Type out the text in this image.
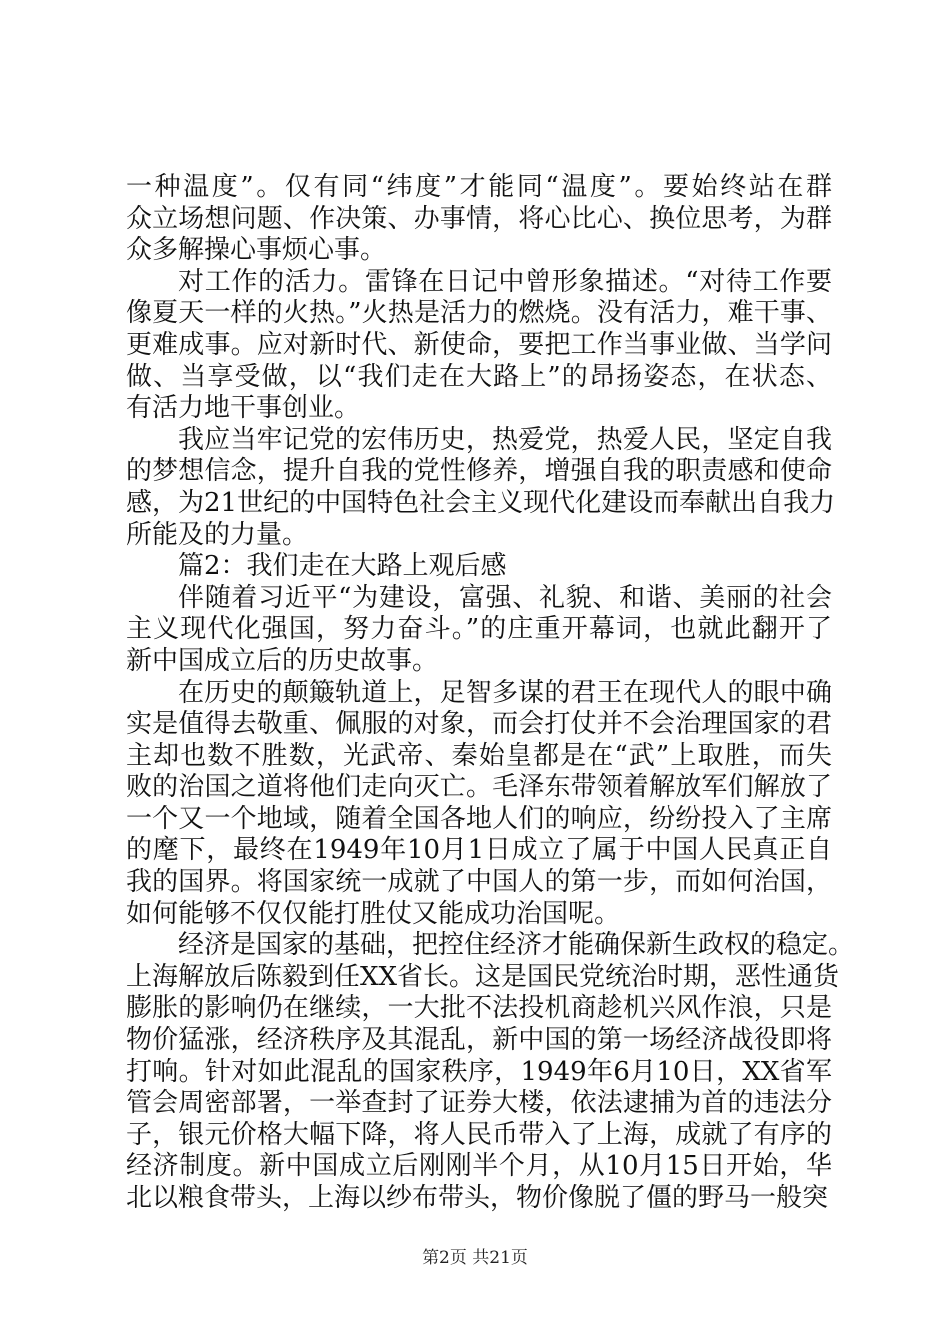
一种温度”。仅有同“纬度”才能同“温度”。要始终站在群
众立场想问题、作决策、办事情，将心比心、换位思考，为群
众多解操心事烦心事。
对工作的活力。雷锋在日记中曾形象描述。“对待工作要
像夏天一样的火热。”火热是活力的燃烧。没有活力，难干事、
更难成事。应对新时代、新使命，要把工作当事业做、当学问
做、当享受做，以“我们走在大路上”的昂扬姿态，在状态、
有活力地干事创业。
我应当牢记党的宏伟历史，热爱党，热爱人民，坚定自我
的梦想信念，提升自我的党性修养，增强自我的职责感和使命
感，为21世纪的中国特色社会主义现代化建设而奉献出自我力
所能及的力量。
篇2：我们走在大路上观后感
伴随着习近平“为建设，富强、礼貌、和谐、美丽的社会
主义现代化强国，努力奋斗。”的庄重开幕词，也就此翻开了
新中国成立后的历史故事。
在历史的颠簸轨道上，足智多谋的君王在现代人的眼中确
实是值得去敬重、佩服的对象，而会打仗并不会治理国家的君
主却也数不胜数，光武帝、秦始皇都是在“武”上取胜，而失
败的治国之道将他们走向灭亡。毛泽东带领着解放军们解放了
一个又一个地域，随着全国各地人们的响应，纷纷投入了主席
的麾下，最终在1949年10月1日成立了属于中国人民真正自
我的国界。将国家统一成就了中国人的第一步，而如何治国，
如何能够不仅仅能打胜仗又能成功治国呢。
经济是国家的基础，把控住经济才能确保新生政权的稳定。
上海解放后陈毅到任XX省长。这是国民党统治时期，恶性通货
膨胀的影响仍在继续，一大批不法投机商趁机兴风作浪，只是
物价猛涨，经济秩序及其混乱，新中国的第一场经济战役即将
打响。针对如此混乱的国家秩序，1949年6月10日，XX省军
管会周密部署，一举查封了证券大楼，依法逮捕为首的违法分
子，银元价格大幅下降，将人民币带入了上海，成就了有序的
经济制度。新中国成立后刚刚半个月，从10月15日开始，华
北以粮食带头，上海以纱布带头，物价像脱了僵的野马一般突
第2页 共21页
